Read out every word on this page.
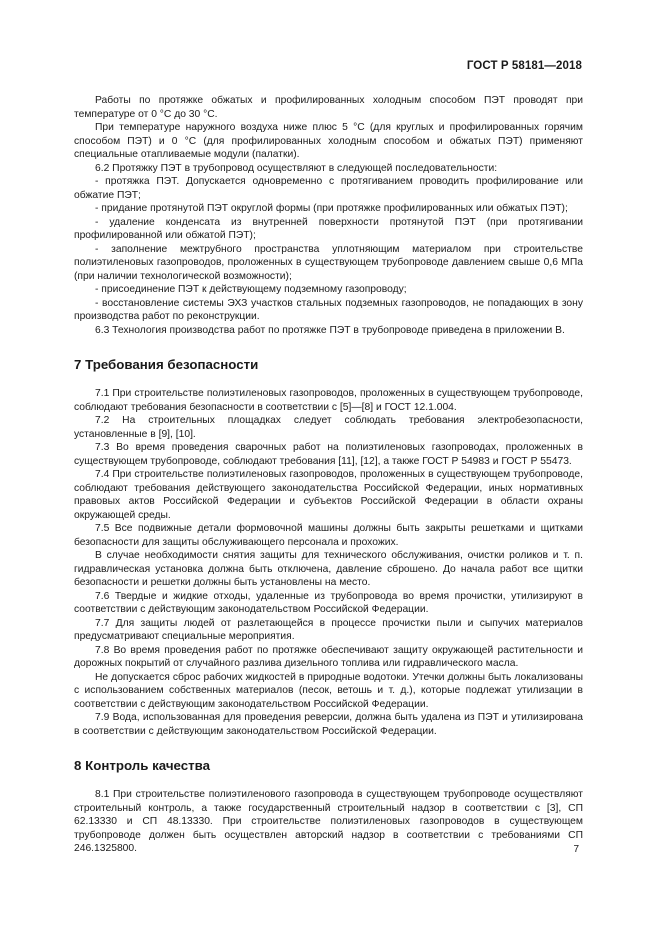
ГОСТ Р 58181—2018

Работы по протяжке обжатых и профилированных холодным способом ПЭТ проводят при температуре от 0 °С до 30 °С.

При температуре наружного воздуха ниже плюс 5 °С (для круглых и профилированных горячим способом ПЭТ) и 0 °С (для профилированных холодным способом и обжатых ПЭТ) применяют специальные отапливаемые модули (палатки).

6.2 Протяжку ПЭТ в трубопровод осуществляют в следующей последовательности:

- протяжка ПЭТ. Допускается одновременно с протягиванием проводить профилирование или обжатие ПЭТ;

- придание протянутой ПЭТ округлой формы (при протяжке профилированных или обжатых ПЭТ);

- удаление конденсата из внутренней поверхности протянутой ПЭТ (при протягивании профилированной или обжатой ПЭТ);

- заполнение межтрубного пространства уплотняющим материалом при строительстве полиэтиленовых газопроводов, проложенных в существующем трубопроводе давлением свыше 0,6 МПа (при наличии технологической возможности);

- присоединение ПЭТ к действующему подземному газопроводу;

- восстановление системы ЭХЗ участков стальных подземных газопроводов, не попадающих в зону производства работ по реконструкции.

6.3 Технология производства работ по протяжке ПЭТ в трубопроводе приведена в приложении В.

7 Требования безопасности

7.1 При строительстве полиэтиленовых газопроводов, проложенных в существующем трубопроводе, соблюдают требования безопасности в соответствии с [5]—[8] и ГОСТ 12.1.004.

7.2 На строительных площадках следует соблюдать требования электробезопасности, установленные в [9], [10].

7.3 Во время проведения сварочных работ на полиэтиленовых газопроводах, проложенных в существующем трубопроводе, соблюдают требования [11], [12], а также ГОСТ Р 54983 и ГОСТ Р 55473.

7.4 При строительстве полиэтиленовых газопроводов, проложенных в существующем трубопроводе, соблюдают требования действующего законодательства Российской Федерации, иных нормативных правовых актов Российской Федерации и субъектов Российской Федерации в области охраны окружающей среды.

7.5 Все подвижные детали формовочной машины должны быть закрыты решетками и щитками безопасности для защиты обслуживающего персонала и прохожих.

В случае необходимости снятия защиты для технического обслуживания, очистки роликов и т. п. гидравлическая установка должна быть отключена, давление сброшено. До начала работ все щитки безопасности и решетки должны быть установлены на место.

7.6 Твердые и жидкие отходы, удаленные из трубопровода во время прочистки, утилизируют в соответствии с действующим законодательством Российской Федерации.

7.7 Для защиты людей от разлетающейся в процессе прочистки пыли и сыпучих материалов предусматривают специальные мероприятия.

7.8 Во время проведения работ по протяжке обеспечивают защиту окружающей растительности и дорожных покрытий от случайного разлива дизельного топлива или гидравлического масла.

Не допускается сброс рабочих жидкостей в природные водотоки. Утечки должны быть локализованы с использованием собственных материалов (песок, ветошь и т. д.), которые подлежат утилизации в соответствии с действующим законодательством Российской Федерации.

7.9 Вода, использованная для проведения реверсии, должна быть удалена из ПЭТ и утилизирована в соответствии с действующим законодательством Российской Федерации.

8 Контроль качества

8.1 При строительстве полиэтиленового газопровода в существующем трубопроводе осуществляют строительный контроль, а также государственный строительный надзор в соответствии с [3], СП 62.13330 и СП 48.13330. При строительстве полиэтиленовых газопроводов в существующем трубопроводе должен быть осуществлен авторский надзор в соответствии с требованиями СП 246.1325800.	7
